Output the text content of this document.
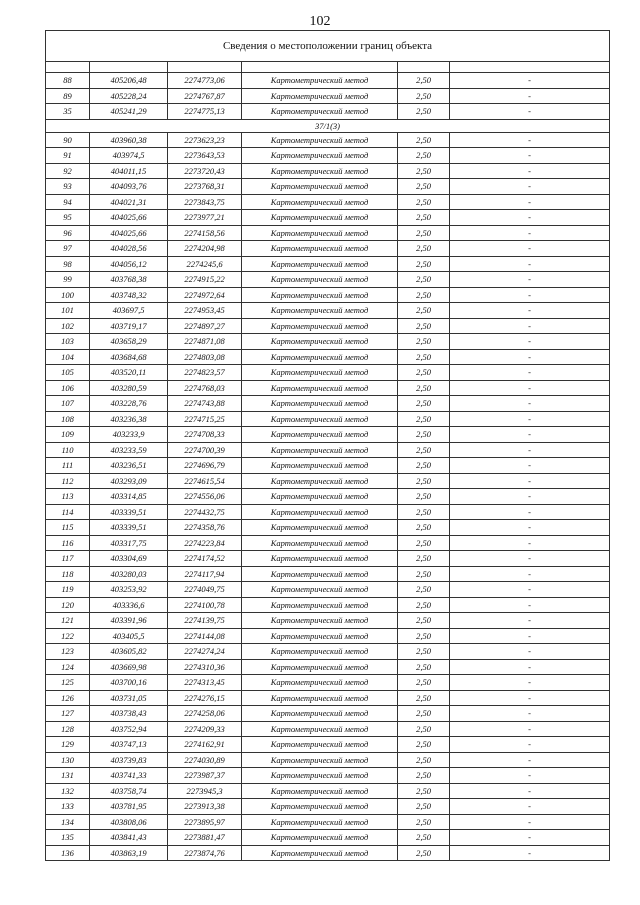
102
Сведения о местоположении границ объекта					

88	405206,48	2274773,06	Картометрический метод	2,50	-
89	405228,24	2274767,87	Картометрический метод	2,50	-
35	405241,29	2274775,13	Картометрический метод	2,50	-
37/1(3)					
90	403960,38	2273623,23	Картометрический метод	2,50	-
91	403974,5	2273643,53	Картометрический метод	2,50	-
92	404011,15	2273720,43	Картометрический метод	2,50	-
93	404093,76	2273768,31	Картометрический метод	2,50	-
94	404021,31	2273843,75	Картометрический метод	2,50	-
95	404025,66	2273977,21	Картометрический метод	2,50	-
96	404025,66	2274158,56	Картометрический метод	2,50	-
97	404028,56	2274204,98	Картометрический метод	2,50	-
98	404056,12	2274245,6	Картометрический метод	2,50	-
99	403768,38	2274915,22	Картометрический метод	2,50	-
100	403748,32	2274972,64	Картометрический метод	2,50	-
101	403697,5	2274953,45	Картометрический метод	2,50	-
102	403719,17	2274897,27	Картометрический метод	2,50	-
103	403658,29	2274871,08	Картометрический метод	2,50	-
104	403684,68	2274803,08	Картометрический метод	2,50	-
105	403520,11	2274823,57	Картометрический метод	2,50	-
106	403280,59	2274768,03	Картометрический метод	2,50	-
107	403228,76	2274743,88	Картометрический метод	2,50	-
108	403236,38	2274715,25	Картометрический метод	2,50	-
109	403233,9	2274708,33	Картометрический метод	2,50	-
110	403233,59	2274700,39	Картометрический метод	2,50	-
111	403236,51	2274696,79	Картометрический метод	2,50	-
112	403293,09	2274615,54	Картометрический метод	2,50	-
113	403314,85	2274556,06	Картометрический метод	2,50	-
114	403339,51	2274432,75	Картометрический метод	2,50	-
115	403339,51	2274358,76	Картометрический метод	2,50	-
116	403317,75	2274223,84	Картометрический метод	2,50	-
117	403304,69	2274174,52	Картометрический метод	2,50	-
118	403280,03	2274117,94	Картометрический метод	2,50	-
119	403253,92	2274049,75	Картометрический метод	2,50	-
120	403336,6	2274100,78	Картометрический метод	2,50	-
121	403391,96	2274139,75	Картометрический метод	2,50	-
122	403405,5	2274144,08	Картометрический метод	2,50	-
123	403605,82	2274274,24	Картометрический метод	2,50	-
124	403669,98	2274310,36	Картометрический метод	2,50	-
125	403700,16	2274313,45	Картометрический метод	2,50	-
126	403731,05	2274276,15	Картометрический метод	2,50	-
127	403738,43	2274258,06	Картометрический метод	2,50	-
128	403752,94	2274209,33	Картометрический метод	2,50	-
129	403747,13	2274162,91	Картометрический метод	2,50	-
130	403739,83	2274030,89	Картометрический метод	2,50	-
131	403741,33	2273987,37	Картометрический метод	2,50	-
132	403758,74	2273945,3	Картометрический метод	2,50	-
133	403781,95	2273913,38	Картометрический метод	2,50	-
134	403808,06	2273895,97	Картометрический метод	2,50	-
135	403841,43	2273881,47	Картометрический метод	2,50	-
136	403863,19	2273874,76	Картометрический метод	2,50	-
